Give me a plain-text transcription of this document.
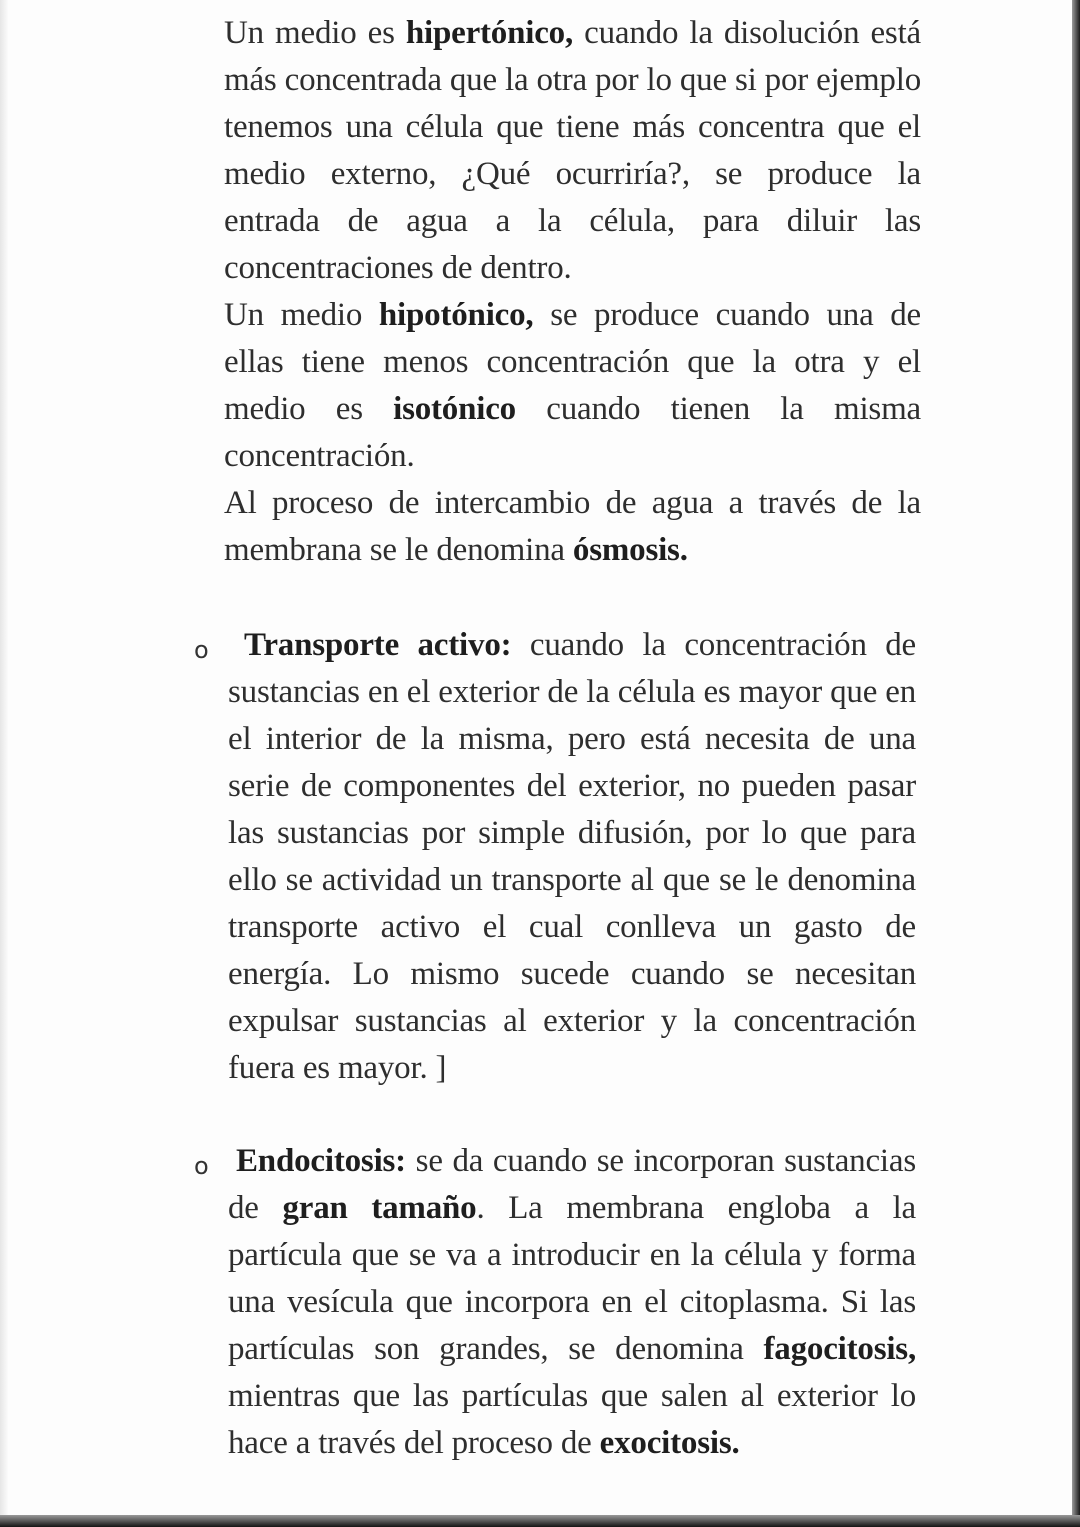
Un medio es hipertónico, cuando la disolución está más concentrada que la otra por lo que si por ejemplo tenemos una célula que tiene más concentra que el medio externo, ¿Qué ocurriría?, se produce la entrada de agua a la célula, para diluir las concentraciones de dentro.

Un medio hipotónico, se produce cuando una de ellas tiene menos concentración que la otra y el medio es isotónico cuando tienen la misma concentración.

Al proceso de intercambio de agua a través de la membrana se le denomina ósmosis.

o	Transporte activo: cuando la concentración de sustancias en el exterior de la célula es mayor que en el interior de la misma, pero está necesita de una serie de componentes del exterior, no pueden pasar las sustancias por simple difusión, por lo que para ello se actividad un transporte al que se le denomina transporte activo el cual conlleva un gasto de energía. Lo mismo sucede cuando se necesitan expulsar sustancias al exterior y la concentración fuera es mayor. ]

o Endocitosis: se da cuando se incorporan sustancias de gran tamaño. La membrana engloba a la partícula que se va a introducir en la célula y forma una vesícula que incorpora en el citoplasma. Si las partículas son grandes, se denomina fagocitosis, mientras que las partículas que salen al exterior lo hace a través del proceso de exocitosis.
